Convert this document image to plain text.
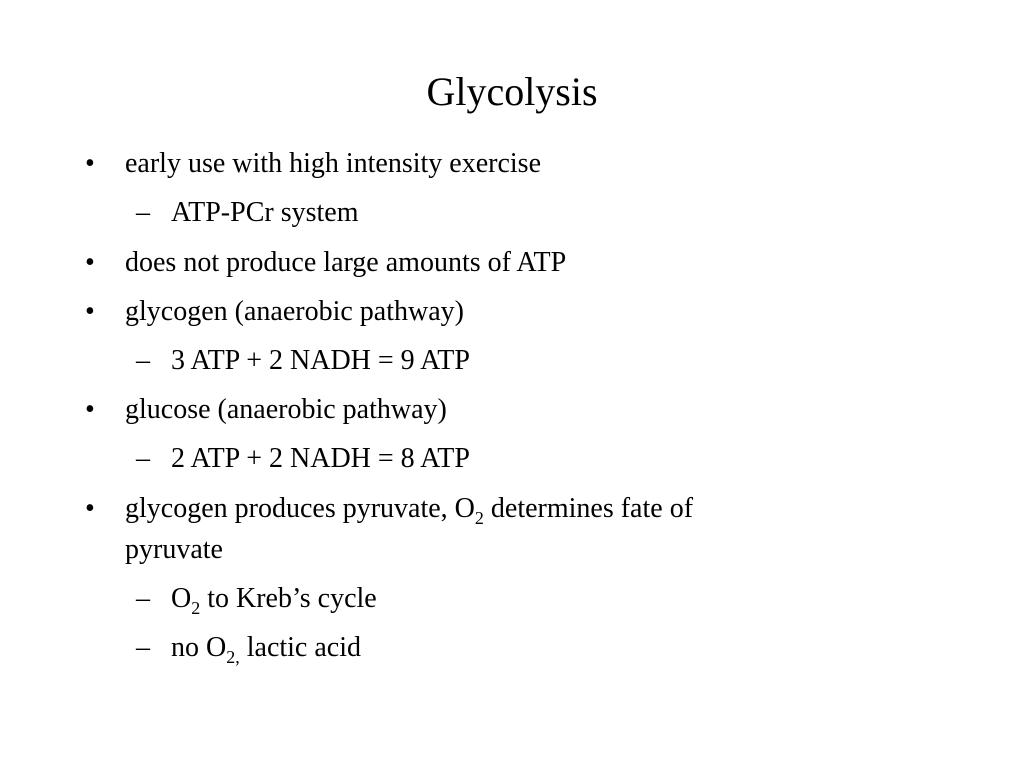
Glycolysis
• early use with high intensity exercise
– ATP-PCr system
• does not produce large amounts of ATP
• glycogen (anaerobic pathway)
– 3 ATP + 2 NADH = 9 ATP
• glucose (anaerobic pathway)
– 2 ATP + 2 NADH = 8 ATP
• glycogen produces pyruvate, $O_2$ determines fate of
pyruvate
– $O_2$ to Kreb’s cycle
– no $O_{2,}$ lactic acid
